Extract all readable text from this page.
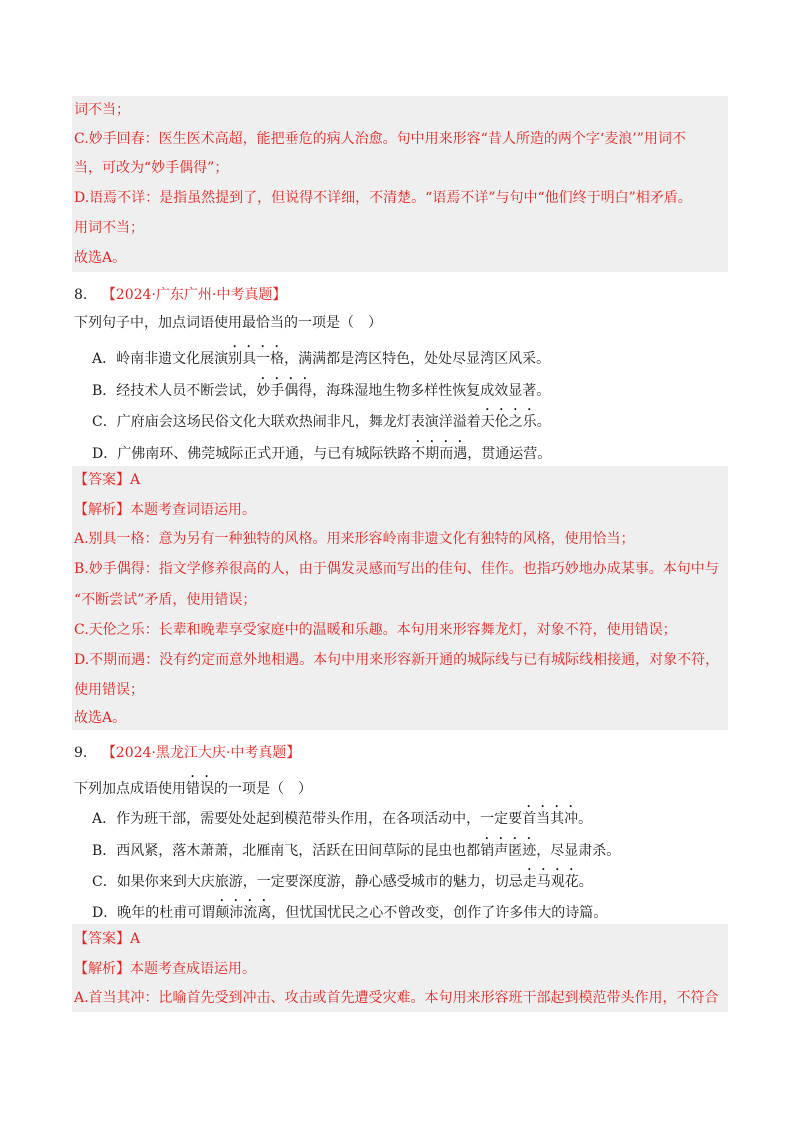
词不当；
C.妙手回春：医生医术高超，能把垂危的病人治愈。句中用来形容“昔人所造的两个字‘麦浪’”用词不
当，可改为“妙手偶得”；
D.语焉不详：是指虽然提到了，但说得不详细，不清楚。“语焉不详”与句中“他们终于明白”相矛盾。
用词不当；
故选A。
8. 【2024·广东广州·中考真题】
下列句子中，加点词语使用最恰当的一项是（　）
A．岭南非遗文化展演别具一格，满满都是湾区特色，处处尽显湾区风采。
B．经技术人员不断尝试，妙手偶得，海珠湿地生物多样性恢复成效显著。
C．广府庙会这场民俗文化大联欢热闹非凡，舞龙灯表演洋溢着天伦之乐。
D．广佛南环、佛莞城际正式开通，与已有城际铁路不期而遇，贯通运营。
【答案】A
【解析】本题考查词语运用。
A.别具一格：意为另有一种独特的风格。用来形容岭南非遗文化有独特的风格，使用恰当；
B.妙手偶得：指文学修养很高的人，由于偶发灵感而写出的佳句、佳作。也指巧妙地办成某事。本句中与
“不断尝试”矛盾，使用错误；
C.天伦之乐：长辈和晚辈享受家庭中的温暖和乐趣。本句用来形容舞龙灯，对象不符，使用错误；
D.不期而遇：没有约定而意外地相遇。本句中用来形容新开通的城际线与已有城际线相接通，对象不符，
使用错误；
故选A。
9. 【2024·黑龙江大庆·中考真题】
下列加点成语使用错误的一项是（　）
A．作为班干部，需要处处起到模范带头作用，在各项活动中，一定要首当其冲。
B．西风紧，落木萧萧，北雁南飞，活跃在田间草际的昆虫也都销声匿迹，尽显肃杀。
C．如果你来到大庆旅游，一定要深度游，静心感受城市的魅力，切忌走马观花。
D．晚年的杜甫可谓颠沛流离，但忧国忧民之心不曾改变，创作了许多伟大的诗篇。
【答案】A
【解析】本题考查成语运用。
A.首当其冲：比喻首先受到冲击、攻击或首先遭受灾难。本句用来形容班干部起到模范带头作用，不符合
